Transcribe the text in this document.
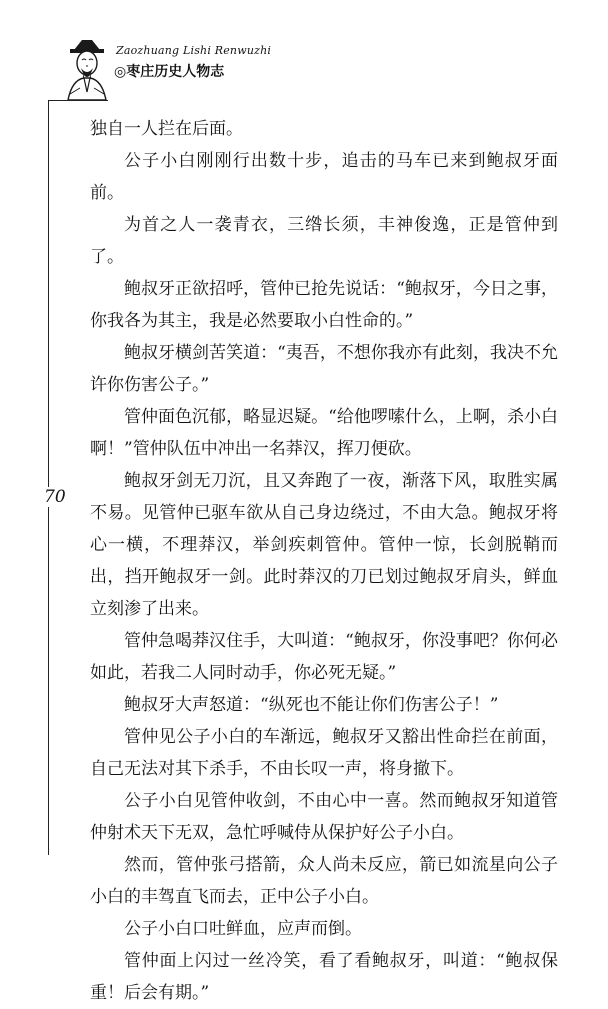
Zaozhuang Lishi Renwuzhi
◎枣庄历史人物志
70

独自一人拦在后面。

公子小白刚刚行出数十步，追击的马车已来到鲍叔牙面前。

为首之人一袭青衣，三绺长须，丰神俊逸，正是管仲到了。

鲍叔牙正欲招呼，管仲已抢先说话：“鲍叔牙，今日之事，你我各为其主，我是必然要取小白性命的。”

鲍叔牙横剑苦笑道：“夷吾，不想你我亦有此刻，我决不允许你伤害公子。”

管仲面色沉郁，略显迟疑。“给他啰嗦什么，上啊，杀小白啊！”管仲队伍中冲出一名莽汉，挥刀便砍。

鲍叔牙剑无刀沉，且又奔跑了一夜，渐落下风，取胜实属不易。见管仲已驱车欲从自己身边绕过，不由大急。鲍叔牙将心一横，不理莽汉，举剑疾刺管仲。管仲一惊，长剑脱鞘而出，挡开鲍叔牙一剑。此时莽汉的刀已划过鲍叔牙肩头，鲜血立刻渗了出来。

管仲急喝莽汉住手，大叫道：“鲍叔牙，你没事吧？你何必如此，若我二人同时动手，你必死无疑。”

鲍叔牙大声怒道：“纵死也不能让你们伤害公子！”

管仲见公子小白的车渐远，鲍叔牙又豁出性命拦在前面，自己无法对其下杀手，不由长叹一声，将身撤下。

公子小白见管仲收剑，不由心中一喜。然而鲍叔牙知道管仲射术天下无双，急忙呼喊侍从保护好公子小白。

然而，管仲张弓搭箭，众人尚未反应，箭已如流星向公子小白的丰驾直飞而去，正中公子小白。

公子小白口吐鲜血，应声而倒。

管仲面上闪过一丝冷笑，看了看鲍叔牙，叫道：“鲍叔保重！后会有期。”
